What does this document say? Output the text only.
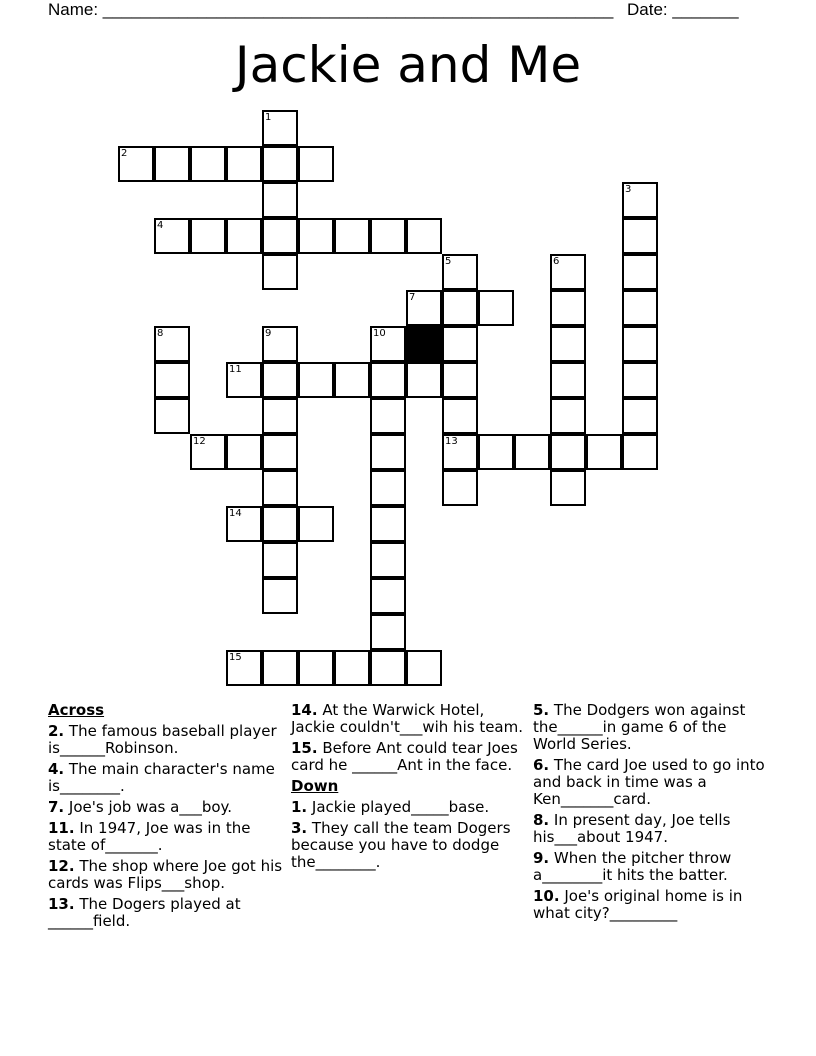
Name: ______________________________________________________ Date: _______
Jackie and Me
1
2
3
4
5	6
7
8	9	10
11
12	13
14
15
Across
2. The famous baseball player is______Robinson.
4. The main character's name is________.
7. Joe's job was a___boy.
11. In 1947, Joe was in the state of_______.
12. The shop where Joe got his cards was Flips___shop.
13. The Dogers played at ______field.
14. At the Warwick Hotel, Jackie couldn't___wih his team.
15. Before Ant could tear Joes card he ______Ant in the face.
Down
1. Jackie played_____base.
3. They call the team Dogers because you have to dodge the________.
5. The Dodgers won against the______in game 6 of the World Series.
6. The card Joe used to go into and back in time was a Ken_______card.
8. In present day, Joe tells his___about 1947.
9. When the pitcher throw a________it hits the batter.
10. Joe's original home is in what city?_________
